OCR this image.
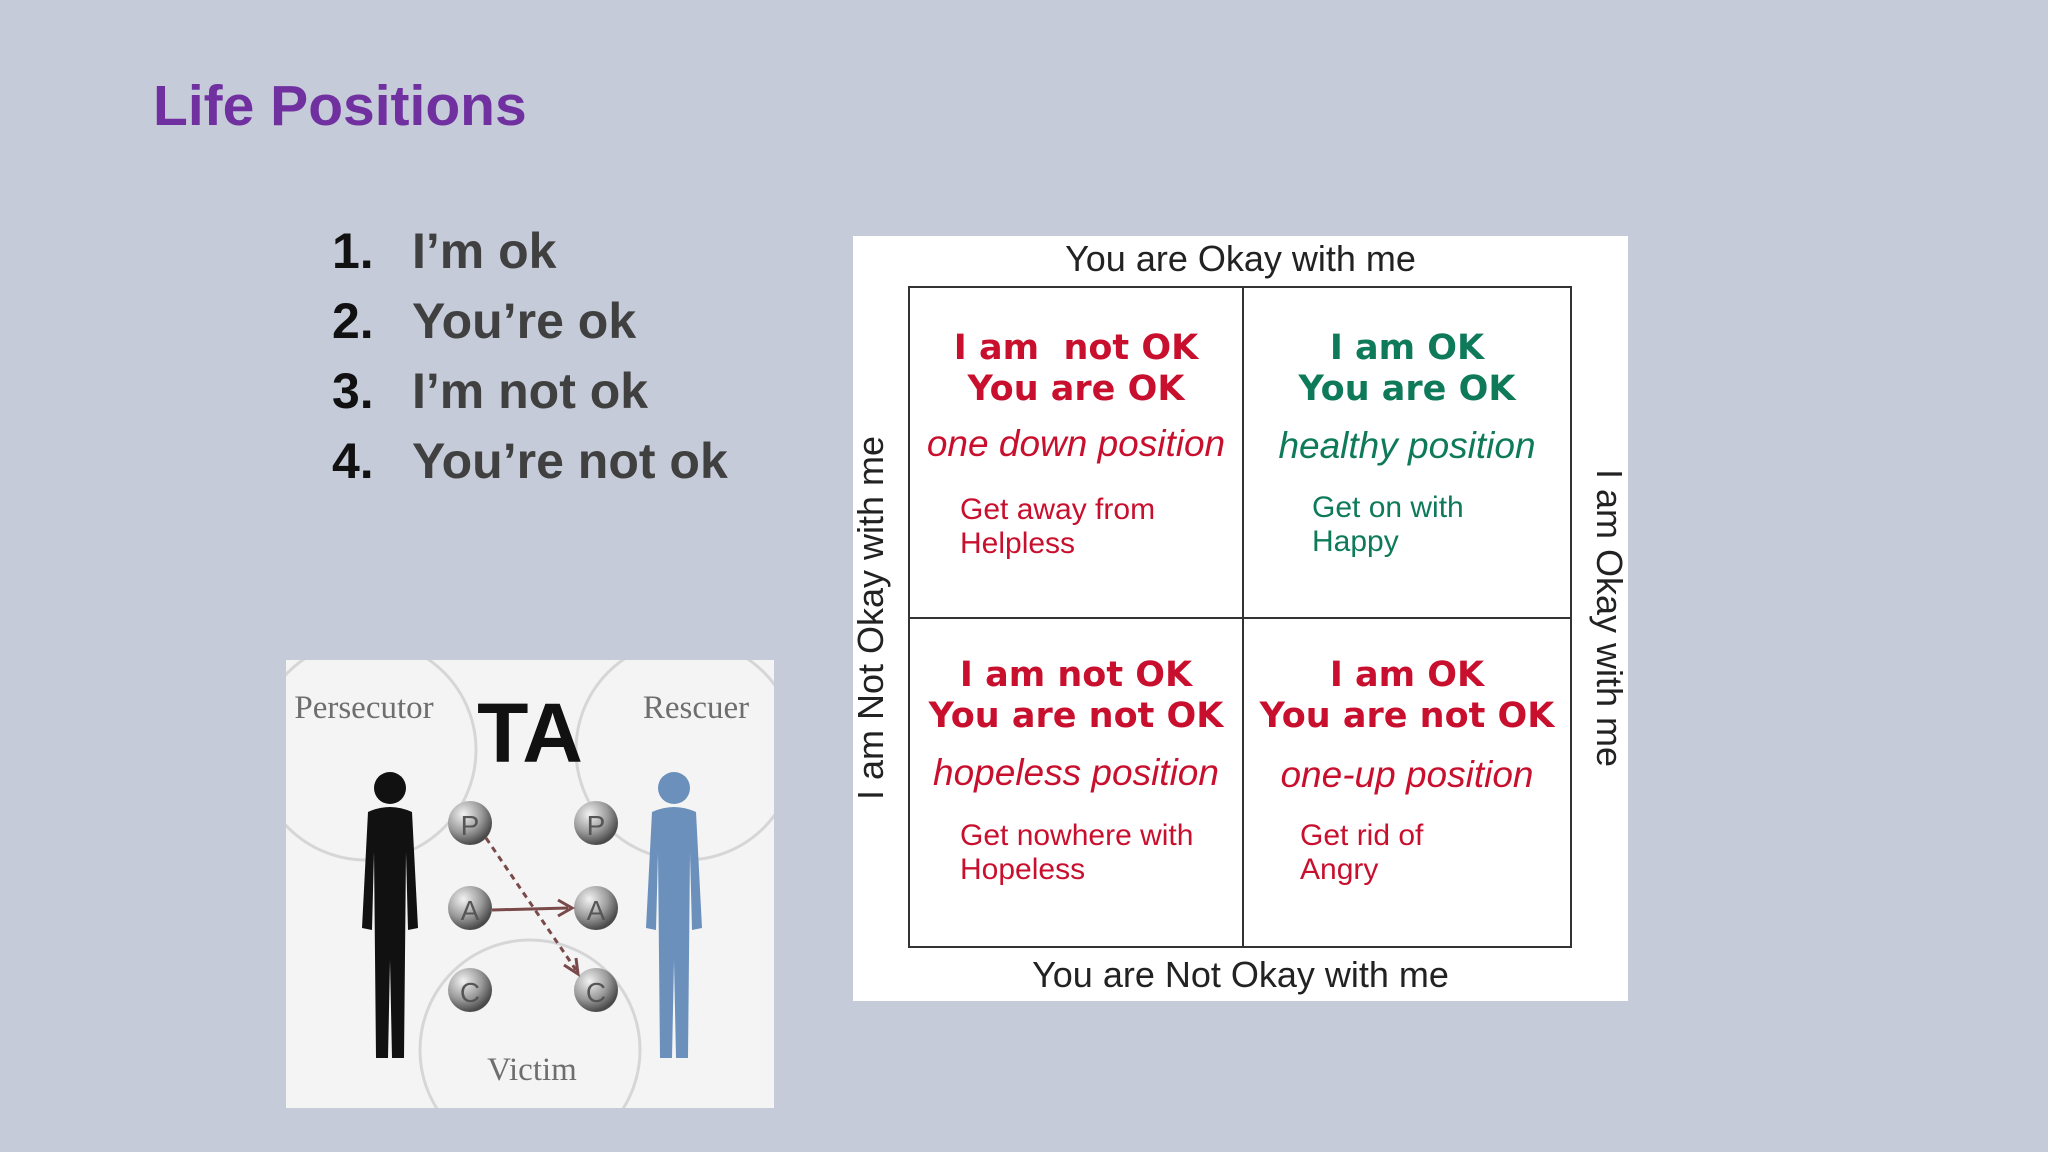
Life Positions
1. I’m ok
2. You’re ok
3. I’m not ok
4. You’re not ok
Persecutor	Rescuer
Victim
TA
P
A
C
P
A
C
You are Okay with me
You are Not Okay with me
I am Not Okay with me	I am Okay with me
I am  not OK
You are OK
one down position
Get away from
Helpless
I am OK
You are OK
healthy position
Get on with
Happy
I am not OK
You are not OK
hopeless position
Get nowhere with
Hopeless
I am OK
You are not OK
one-up position
Get rid of
Angry
